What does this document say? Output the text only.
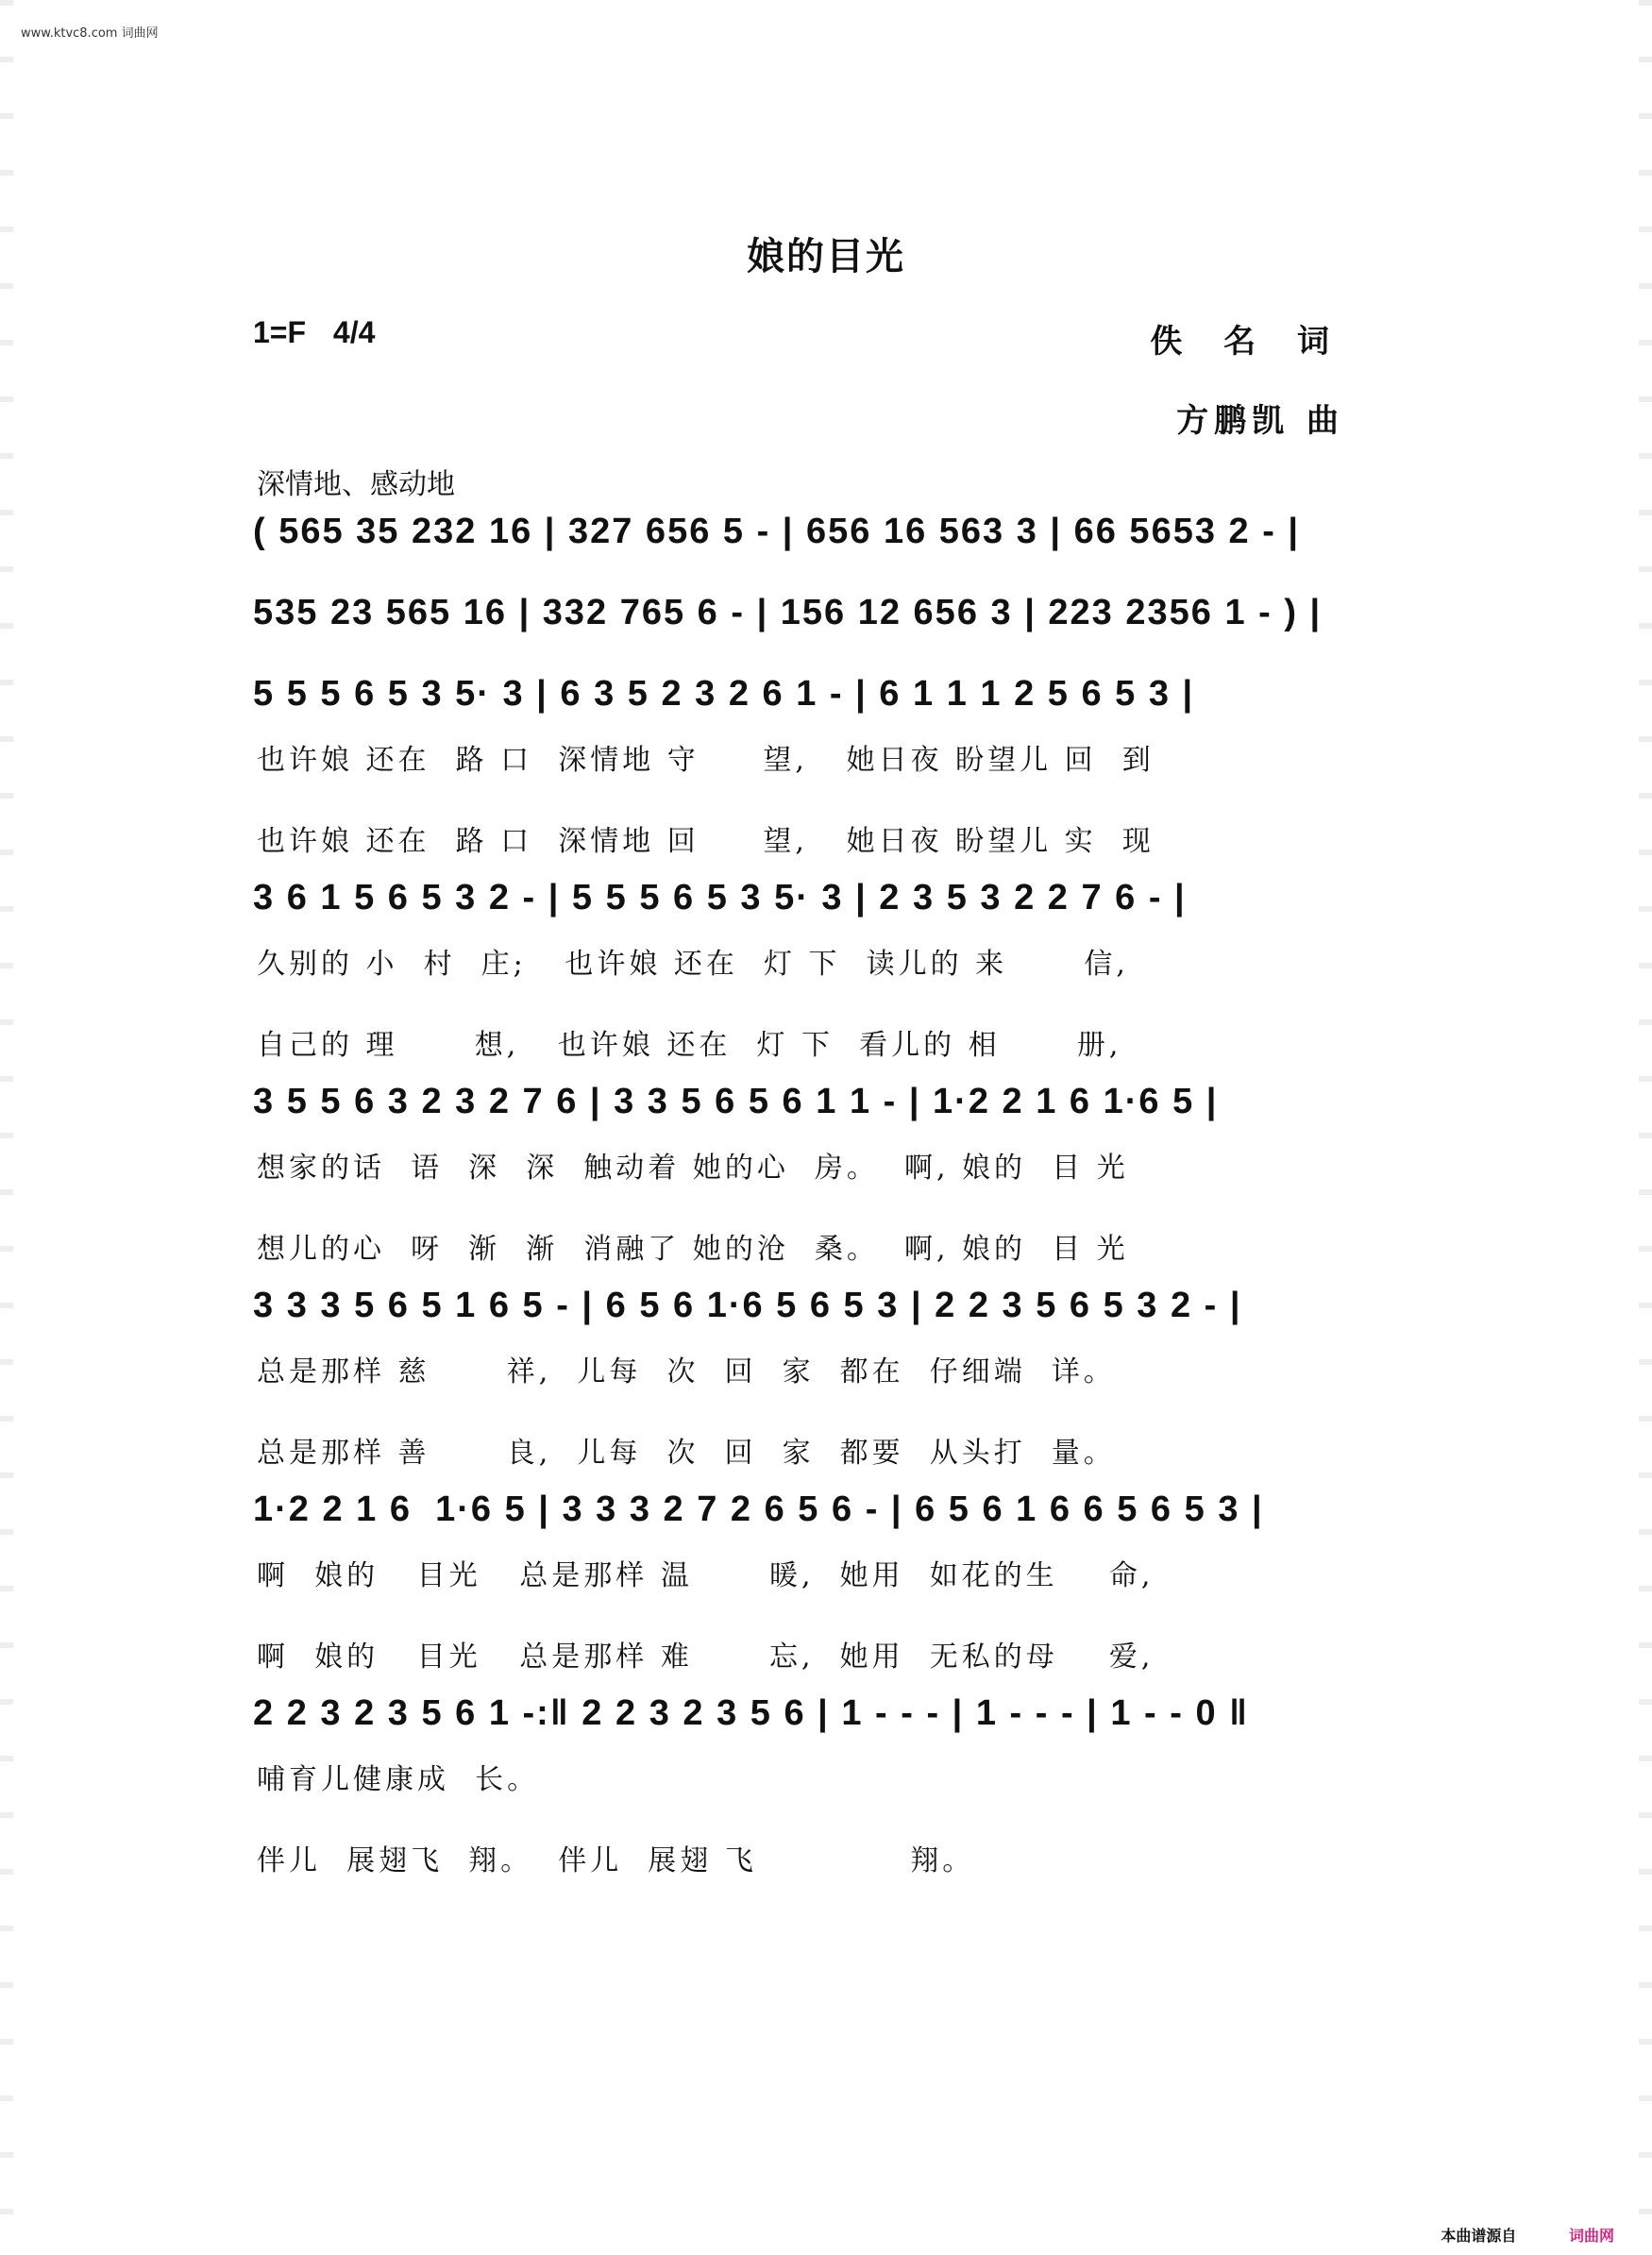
www.ktvc8.com 词曲网
娘的目光
1=F 4/4	佚 名 词
方鹏凯 曲
深情地、感动地
( 565 35 232 16 | 327 656 5 - | 656 16 563 3 | 66 5653 2 - |
535 23 565 16 | 332 765 6 - | 156 12 656 3 | 223 2356 1 - ) |
5 5 5 6 5 3 5· 3 | 6 3 5 2 3 2 6 1 - | 6 1 1 1 2 5 6 5 3 |
也许娘 还在  路 口  深情地 守     望,   她日夜 盼望儿 回  到
也许娘 还在  路 口  深情地 回     望,   她日夜 盼望儿 实  现
3 6 1 5 6 5 3 2 - | 5 5 5 6 5 3 5· 3 | 2 3 5 3 2 2 7 6 - |
久别的 小  村  庄;   也许娘 还在  灯 下  读儿的 来      信,
自己的 理      想,   也许娘 还在  灯 下  看儿的 相      册,
3 5 5 6 3 2 3 2 7 6 | 3 3 5 6 5 6 1 1 - | 1·2 2 1 6 1·6 5 |
想家的话  语  深  深  触动着 她的心  房。  啊, 娘的  目 光
想儿的心  呀  渐  渐  消融了 她的沧  桑。  啊, 娘的  目 光
3 3 3 5 6 5 1 6 5 - | 6 5 6 1·6 5 6 5 3 | 2 2 3 5 6 5 3 2 - |
总是那样 慈      祥,  儿每  次  回  家  都在  仔细端  详。
总是那样 善      良,  儿每  次  回  家  都要  从头打  量。
1·2 2 1 6  1·6 5 | 3 3 3 2 7 2 6 5 6 - | 6 5 6 1 6 6 5 6 5 3 |
啊  娘的   目光   总是那样 温      暖,  她用  如花的生    命,
啊  娘的   目光   总是那样 难      忘,  她用  无私的母    爱,
2 2 3 2 3 5 6 1 -:‖ 2 2 3 2 3 5 6 | 1 - - - | 1 - - - | 1 - - 0 ‖
哺育儿健康成  长。
伴儿  展翅飞  翔。  伴儿  展翅 飞            翔。
本曲谱源自	词曲网
